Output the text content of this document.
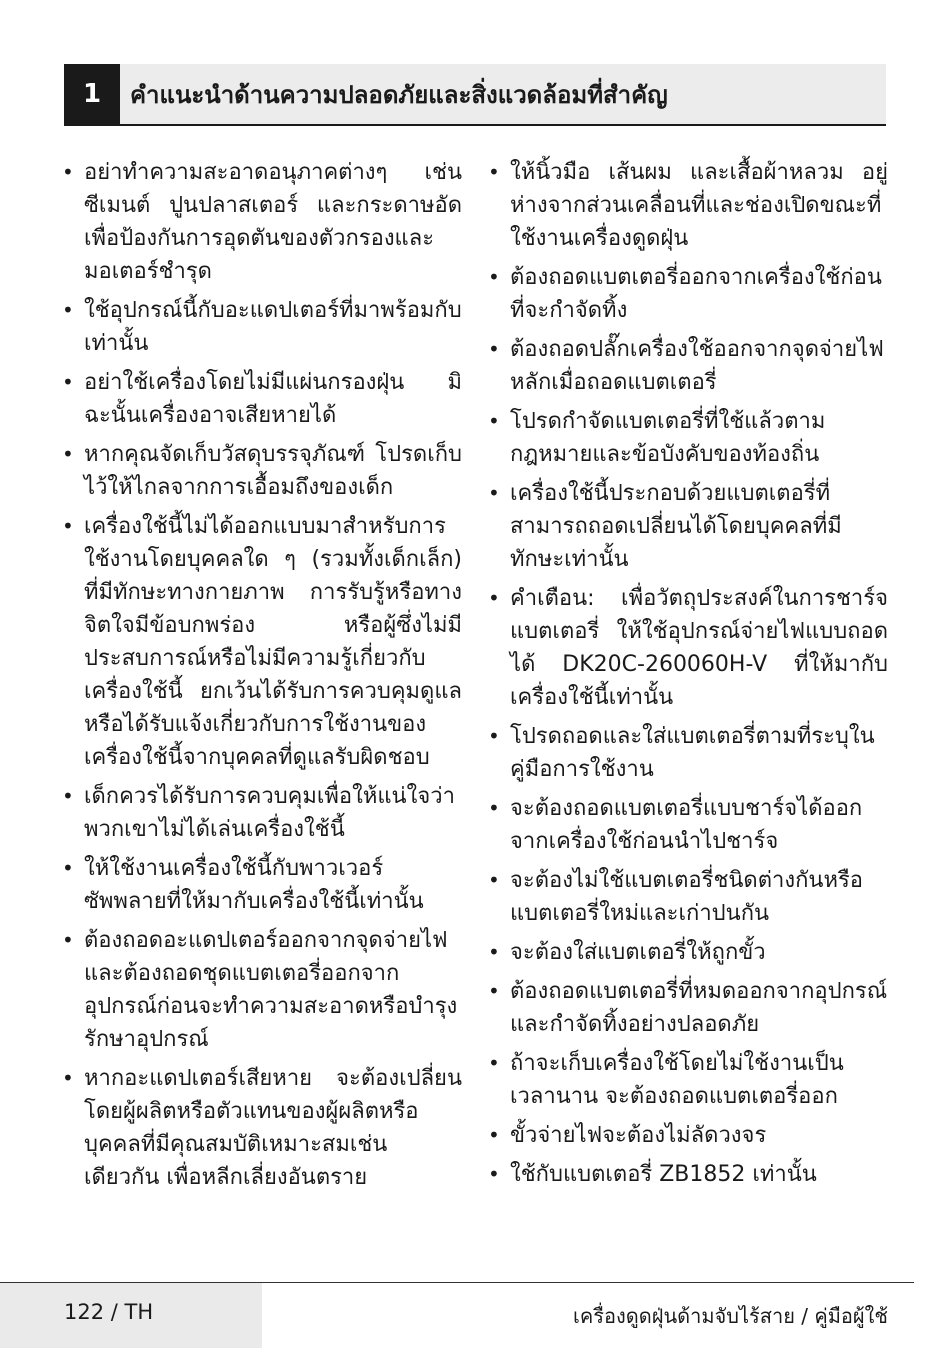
1	คำแนะนำด้านความปลอดภัยและสิ่งแวดล้อมที่สำคัญ
• อย่าทำความสะอาดอนุภาคต่างๆ เช่น ซีเมนต์ ปูนปลาสเตอร์ และกระดาษอัด เพื่อป้องกันการอุดตันของตัวกรองและมอเตอร์ชำรุด
• ใช้อุปกรณ์นี้กับอะแดปเตอร์ที่มาพร้อมกับ เท่านั้น
• อย่าใช้เครื่องโดยไม่มีแผ่นกรองฝุ่น มิฉะนั้นเครื่องอาจเสียหายได้
• หากคุณจัดเก็บวัสดุบรรจุภัณฑ์ โปรดเก็บไว้ให้ไกลจากการเอื้อมถึงของเด็ก
• เครื่องใช้นี้ไม่ได้ออกแบบมาสำหรับการใช้งานโดยบุคคลใด ๆ (รวมทั้งเด็กเล็ก) ที่มีทักษะทางกายภาพ การรับรู้หรือทางจิตใจมีข้อบกพร่อง หรือผู้ซึ่งไม่มีประสบการณ์หรือไม่มีความรู้เกี่ยวกับเครื่องใช้นี้ ยกเว้นได้รับการควบคุมดูแลหรือได้รับแจ้งเกี่ยวกับการใช้งานของเครื่องใช้นี้จากบุคคลที่ดูแลรับผิดชอบ
• เด็กควรได้รับการควบคุมเพื่อให้แน่ใจว่าพวกเขาไม่ได้เล่นเครื่องใช้นี้
• ให้ใช้งานเครื่องใช้นี้กับพาวเวอร์ซัพพลายที่ให้มากับเครื่องใช้นี้เท่านั้น
• ต้องถอดอะแดปเตอร์ออกจากจุดจ่ายไฟ และต้องถอดชุดแบตเตอรี่ออกจากอุปกรณ์ก่อนจะทำความสะอาดหรือบำรุงรักษาอุปกรณ์
• หากอะแดปเตอร์เสียหาย จะต้องเปลี่ยนโดยผู้ผลิตหรือตัวแทนของผู้ผลิตหรือบุคคลที่มีคุณสมบัติเหมาะสมเช่นเดียวกัน เพื่อหลีกเลี่ยงอันตราย
• ให้นิ้วมือ เส้นผม และเสื้อผ้าหลวม อยู่ห่างจากส่วนเคลื่อนที่และช่องเปิดขณะที่ใช้งานเครื่องดูดฝุ่น
• ต้องถอดแบตเตอรี่ออกจากเครื่องใช้ก่อนที่จะกำจัดทิ้ง
• ต้องถอดปลั๊กเครื่องใช้ออกจากจุดจ่ายไฟหลักเมื่อถอดแบตเตอรี่
• โปรดกำจัดแบตเตอรี่ที่ใช้แล้วตามกฎหมายและข้อบังคับของท้องถิ่น
• เครื่องใช้นี้ประกอบด้วยแบตเตอรี่ที่สามารถถอดเปลี่ยนได้โดยบุคคลที่มีทักษะเท่านั้น
• คำเตือน: เพื่อวัตถุประสงค์ในการชาร์จแบตเตอรี่ ให้ใช้อุปกรณ์จ่ายไฟแบบถอดได้ DK20C-260060H-V ที่ให้มากับเครื่องใช้นี้เท่านั้น
• โปรดถอดและใส่แบตเตอรี่ตามที่ระบุในคู่มือการใช้งาน
• จะต้องถอดแบตเตอรี่แบบชาร์จได้ออกจากเครื่องใช้ก่อนนำไปชาร์จ
• จะต้องไม่ใช้แบตเตอรี่ชนิดต่างกันหรือแบตเตอรี่ใหม่และเก่าปนกัน
• จะต้องใส่แบตเตอรี่ให้ถูกขั้ว
• ต้องถอดแบตเตอรี่ที่หมดออกจากอุปกรณ์และกำจัดทิ้งอย่างปลอดภัย
• ถ้าจะเก็บเครื่องใช้โดยไม่ใช้งานเป็นเวลานาน จะต้องถอดแบตเตอรี่ออก
• ขั้วจ่ายไฟจะต้องไม่ลัดวงจร
• ใช้กับแบตเตอรี่ ZB1852 เท่านั้น
122 / TH	เครื่องดูดฝุ่นด้ามจับไร้สาย / คู่มือผู้ใช้
